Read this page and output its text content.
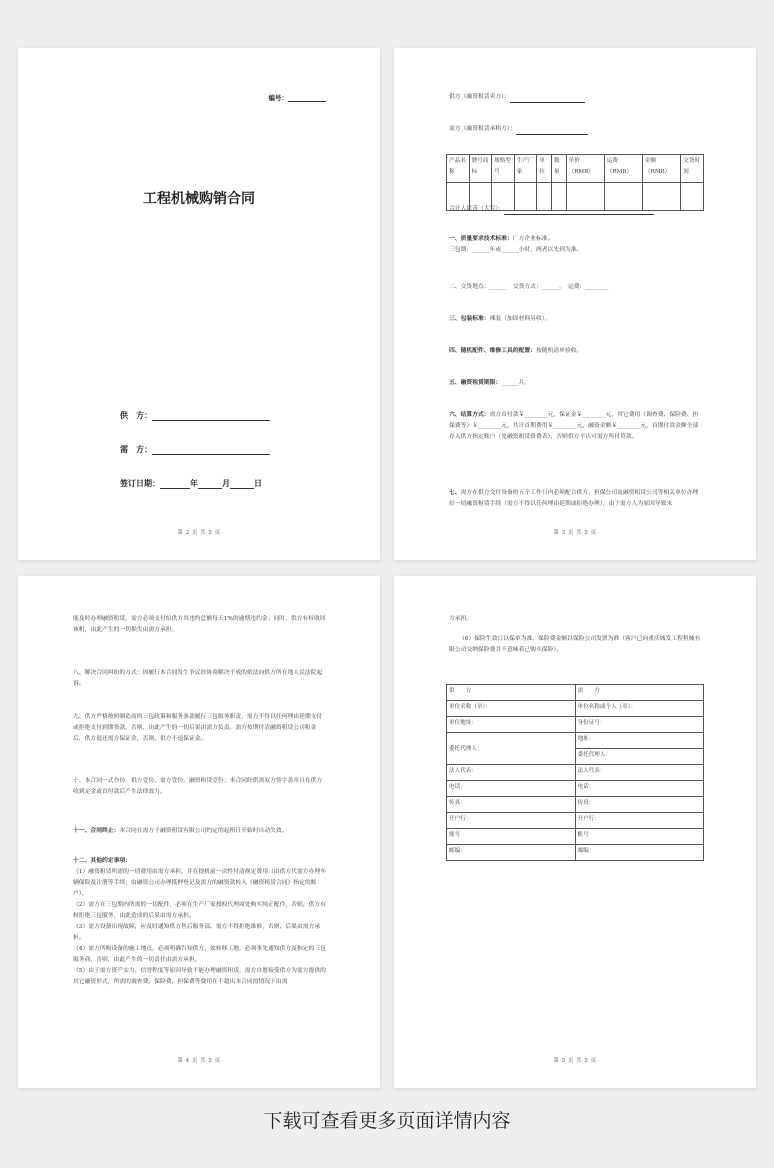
编号：
工程机械购销合同
供　方：
需　方：
签订日期：	年	月	日
第 2 页 共 5 页
供方（融资租赁卖方）：
需方（融资租赁承租方）：
产品名称	牌号商标	规格型号	生产厂家	单位	数量	单价（RMB）	运费（RMB）	金额（RMB）	交货时间

合计人民币（大写）：
一、质量要求技术标准：厂方企业标准。
三包期：______年或______小时，两者以先到为准。
二、交货地点：______　交货方式：______，　运费：________
三、包装标准：裸装（加固材料另收）。
四、随机配件、维修工具的配置：按随机清单验收。
五、融资租赁期限：______月。
六、结算方式：需方首付款￥________元，保证金￥________元，其它费用（调查费、保险费、担保费等）￥________元，共计首期费用￥________元，融资金额￥________元，首期付款金额全部存入供方指定账户（见融资租赁资费表），否则供方不认可需方所付贷款。
七、需方在供方交付设备的五个工作日内必须配合供方、担保公司及融资租赁公司等相关单位办理好一切融资租赁手续（需方不得以任何理由延期或拒绝办理），由于需方人为原因导致未
第 3 页 共 5 页
能及时办理融资租赁，需方必须支付给供方其违约总额每天1%的逾期违约金；同时，供方有权收回该机，由此产生的一切损失由需方承担。
八、解决合同纠纷的方式：因履行本合同发生争议经协商解决不成的依法向供方所在地人民法院起诉。
九、供方严格按照制造商的三包政策和服务条款履行三包服务职责，需方不得以任何理由延期支付或拒绝支付到期货款，否则，由此产生的一切后果由需方负责。需方按期付清融资租赁公司租金后，供方退还需方保证金，否则，供方不退保证金。
十、本合同一式叁份，供方壹份、需方壹份，融资租赁壹份；本合同经供需双方签字盖章且在供方收到定金或首付款后产生法律效力。
十一、合同终止：本合同在需方于融资租赁有限公司约定的起租日开始时自动失效。
十二、其他约定事项：
（1）融资租赁所需的一切费用由需方承担，并在提机前一次性付清规定费用（由供方代需方办理车辆保险及注册等手续；由融资公司办理抵押登记及需方的融资款转入《融资租赁合同》指定的账户）。
（2）需方在三包期内所需的一切配件，必须在生产厂家授权代理商处购买纯正配件，否则，供方有权拒绝三包服务，由此造成的后果由需方承担。
（3）需方设备出现故障，应及时通知供方售后服务部。需方不得拒绝维修，否则，后果由需方承担。
（4）需方所购设备的施工地点，必须明确告知供方，如转移工地，必须事先通知供方及指定的三包服务商，否则，由此产生的一切责任由需方承担。
（5）由于需方资产实力、信誉程度等原因导致不能办理融资租赁，需方自愿接受供方为需方提供的其它融资形式，所需的调查费、保险费、担保费等费用在不超出本合同的情况下由需
第 4 页 共 5 页
方承担。
（6）保险生效日以保单为准，保险费金额以保险公司发票为准（客户已向重庆城发工程机械有限公司交纳保险费并不意味着已购买保险）。
供　　方	需　　方
单位名称（章）：	单位名称或个人（章）：
单位地址：	身份证号：
委托代理人：	地址：
	委托代理人：
法人代表：	法人代表：
电话：	电话：
传真：	传真：
开户行：	开户行：
账号	账号
邮编：	邮编：
第 5 页 共 5 页
下载可查看更多页面详情内容
